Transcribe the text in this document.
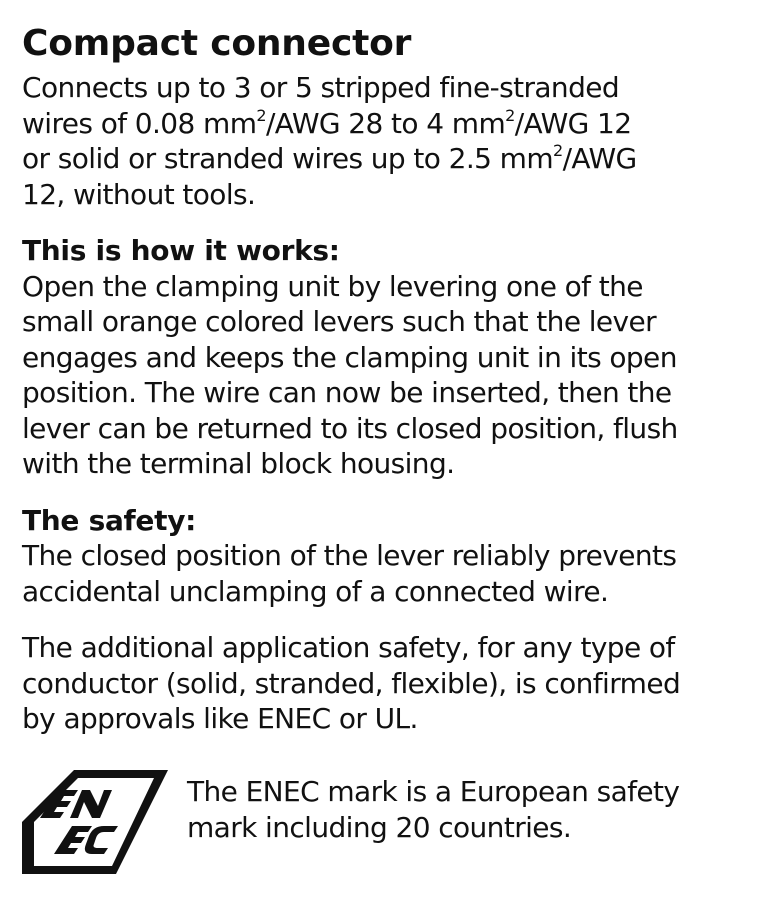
Compact connector

Connects up to 3 or 5 stripped fine-stranded
wires of 0.08 $mm^2$/AWG 28 to 4 $mm^2$/AWG 12
or solid or stranded wires up to 2.5 $mm^2$/AWG
12, without tools.

This is how it works:

Open the clamping unit by levering one of the
small orange colored levers such that the lever
engages and keeps the clamping unit in its open
position. The wire can now be inserted, then the
lever can be returned to its closed position, flush
with the terminal block housing.

The safety:

The closed position of the lever reliably prevents
accidental unclamping of a connected wire.

The additional application safety, for any type of
conductor (solid, stranded, flexible), is confirmed
by approvals like ENEC or UL.

The ENEC mark is a European safety
mark including 20 countries.
